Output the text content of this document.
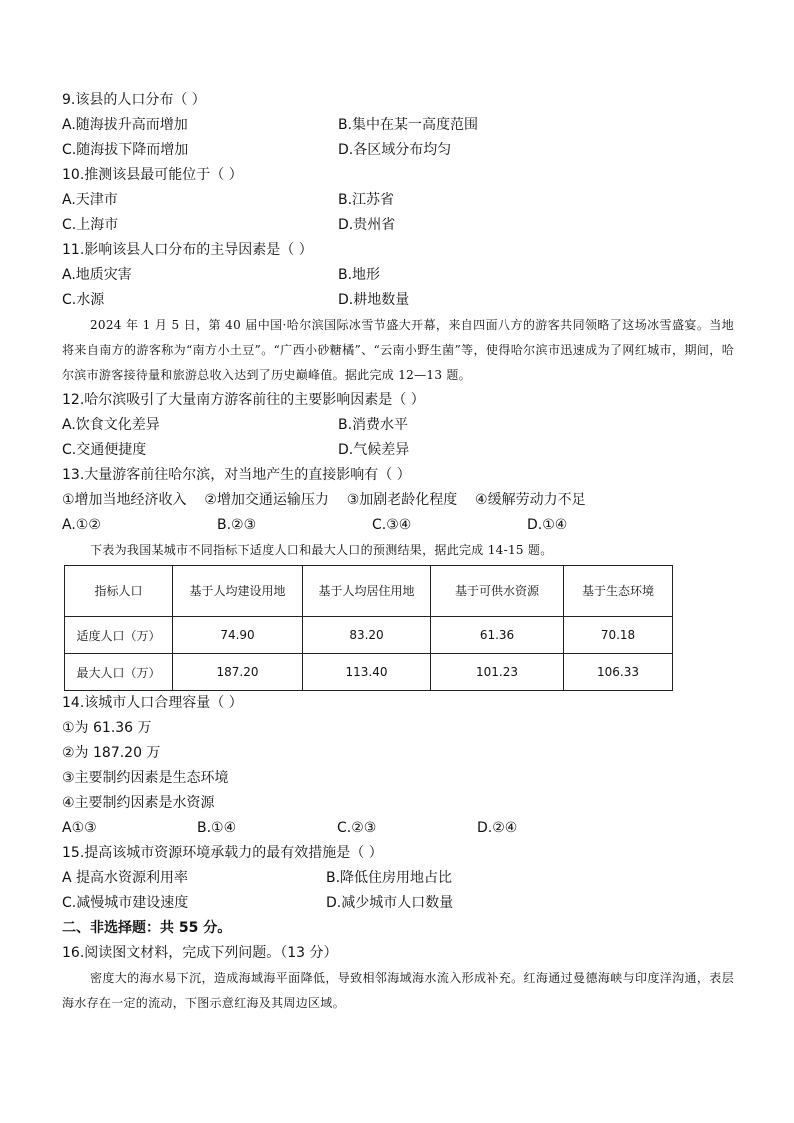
9.该县的人口分布（ ）
A.随海拔升高而增加	B.集中在某一高度范围
C.随海拔下降而增加	D.各区域分布均匀
10.推测该县最可能位于（ ）
A.天津市	B.江苏省
C.上海市	D.贵州省
11.影响该县人口分布的主导因素是（ ）
A.地质灾害	B.地形
C.水源	D.耕地数量

2024 年 1 月 5 日，第 40 届中国·哈尔滨国际冰雪节盛大开幕，来自四面八方的游客共同领略了这场冰雪盛宴。当地将来自南方的游客称为“南方小土豆”。“广西小砂糖橘”、“云南小野生菌”等，使得哈尔滨市迅速成为了网红城市，期间，哈尔滨市游客接待量和旅游总收入达到了历史巅峰值。据此完成 12—13 题。

12.哈尔滨吸引了大量南方游客前往的主要影响因素是（ ）
A.饮食文化差异	B.消费水平
C.交通便捷度	D.气候差异
13.大量游客前往哈尔滨，对当地产生的直接影响有（ ）
①增加当地经济收入    ②增加交通运输压力    ③加剧老龄化程度    ④缓解劳动力不足
A.①②	B.②③	C.③④	D.①④

下表为我国某城市不同指标下适度人口和最大人口的预测结果，据此完成 14-15 题。

指标人口	基于人均建设用地	基于人均居住用地	基于可供水资源	基于生态环境
适度人口（万）	74.90	83.20	61.36	70.18
最大人口（万）	187.20	113.40	101.23	106.33
14.该城市人口合理容量（ ）
①为 61.36 万
②为 187.20 万
③主要制约因素是生态环境
④主要制约因素是水资源
A①③	B.①④	C.②③	D.②④
15.提高该城市资源环境承载力的最有效措施是（ ）
A 提高水资源利用率	B.降低住房用地占比
C.减慢城市建设速度	D.减少城市人口数量
二、非选择题：共 55 分。
16.阅读图文材料，完成下列问题。（13 分）

密度大的海水易下沉，造成海域海平面降低，导致相邻海域海水流入形成补充。红海通过曼德海峡与印度洋沟通，表层海水存在一定的流动，下图示意红海及其周边区域。
